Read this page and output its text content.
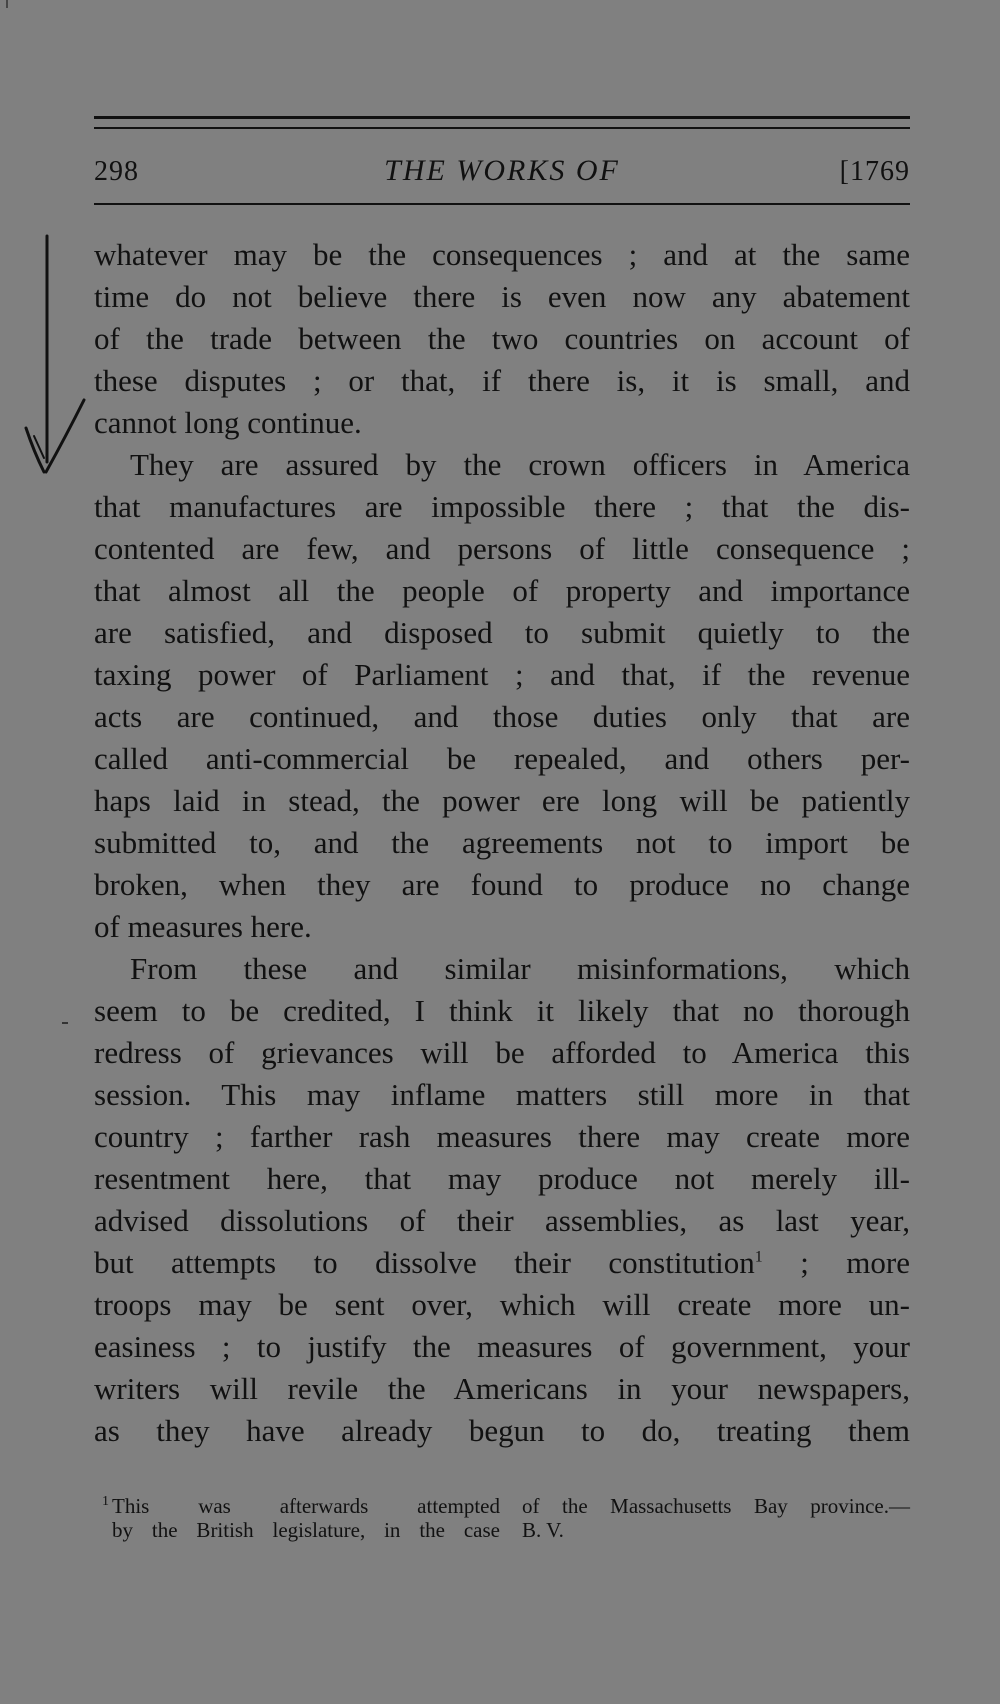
298	THE WORKS OF	[1769
whatever may be the consequences ; and at the same
time do not believe there is even now any abatement
of the trade between the two countries on account of
these disputes ; or that, if there is, it is small, and
cannot long continue.
They are assured by the crown officers in America
that manufactures are impossible there ; that the dis-
contented are few, and persons of little consequence ;
that almost all the people of property and importance
are satisfied, and disposed to submit quietly to the
taxing power of Parliament ; and that, if the revenue
acts are continued, and those duties only that are
called anti-commercial be repealed, and others per-
haps laid in stead, the power ere long will be patiently
submitted to, and the agreements not to import be
broken, when they are found to produce no change
of measures here.
From these and similar misinformations, which
seem to be credited, I think it likely that no thorough
redress of grievances will be afforded to America this
session. This may inflame matters still more in that
country ; farther rash measures there may create more
resentment here, that may produce not merely ill-
advised dissolutions of their assemblies, as last year,
but attempts to dissolve their constitution$^1$ ; more
troops may be sent over, which will create more un-
easiness ; to justify the measures of government, your
writers will revile the Americans in your newspapers,
as they have already begun to do, treating them
1 This was afterwards attempted
by the British legislature, in the case
of the Massachusetts Bay province.—
B. V.
